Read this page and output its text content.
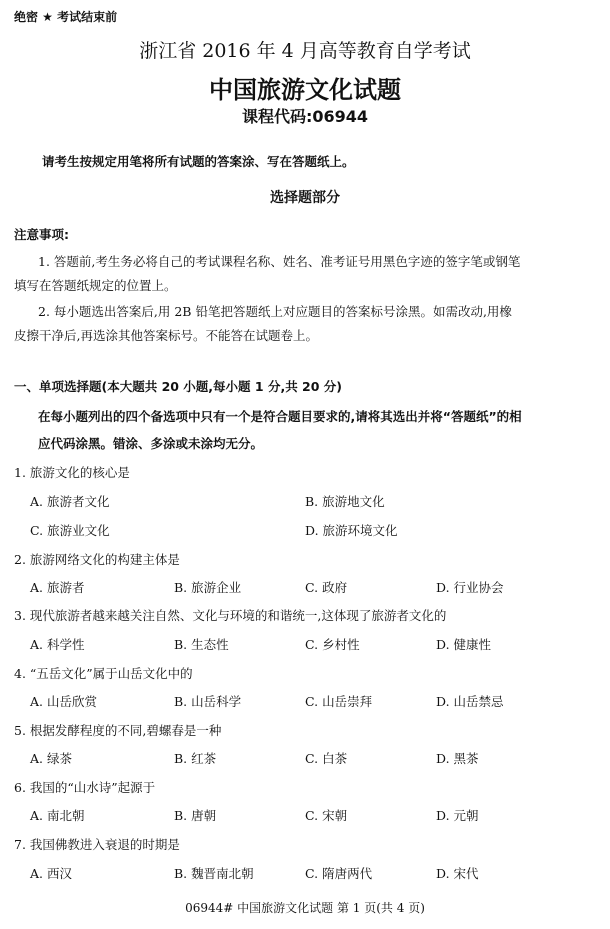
绝密 ★ 考试结束前
浙江省 2016 年 4 月高等教育自学考试
中国旅游文化试题
课程代码:06944
请考生按规定用笔将所有试题的答案涂、写在答题纸上。
选择题部分
注意事项:
1. 答题前,考生务必将自己的考试课程名称、姓名、准考证号用黑色字迹的签字笔或钢笔
填写在答题纸规定的位置上。
2. 每小题选出答案后,用 2B 铅笔把答题纸上对应题目的答案标号涂黑。如需改动,用橡
皮擦干净后,再选涂其他答案标号。不能答在试题卷上。
一、单项选择题(本大题共 20 小题,每小题 1 分,共 20 分)
在每小题列出的四个备选项中只有一个是符合题目要求的,请将其选出并将“答题纸”的相
应代码涂黑。错涂、多涂或未涂均无分。
1. 旅游文化的核心是
A. 旅游者文化	B. 旅游地文化
C. 旅游业文化	D. 旅游环境文化
2. 旅游网络文化的构建主体是
A. 旅游者	B. 旅游企业	C. 政府	D. 行业协会
3. 现代旅游者越来越关注自然、文化与环境的和谐统一,这体现了旅游者文化的
A. 科学性	B. 生态性	C. 乡村性	D. 健康性
4. “五岳文化”属于山岳文化中的
A. 山岳欣赏	B. 山岳科学	C. 山岳崇拜	D. 山岳禁忌
5. 根据发酵程度的不同,碧螺春是一种
A. 绿茶	B. 红茶	C. 白茶	D. 黑茶
6. 我国的“山水诗”起源于
A. 南北朝	B. 唐朝	C. 宋朝	D. 元朝
7. 我国佛教进入衰退的时期是
A. 西汉	B. 魏晋南北朝	C. 隋唐两代	D. 宋代
06944# 中国旅游文化试题 第 1 页(共 4 页)
